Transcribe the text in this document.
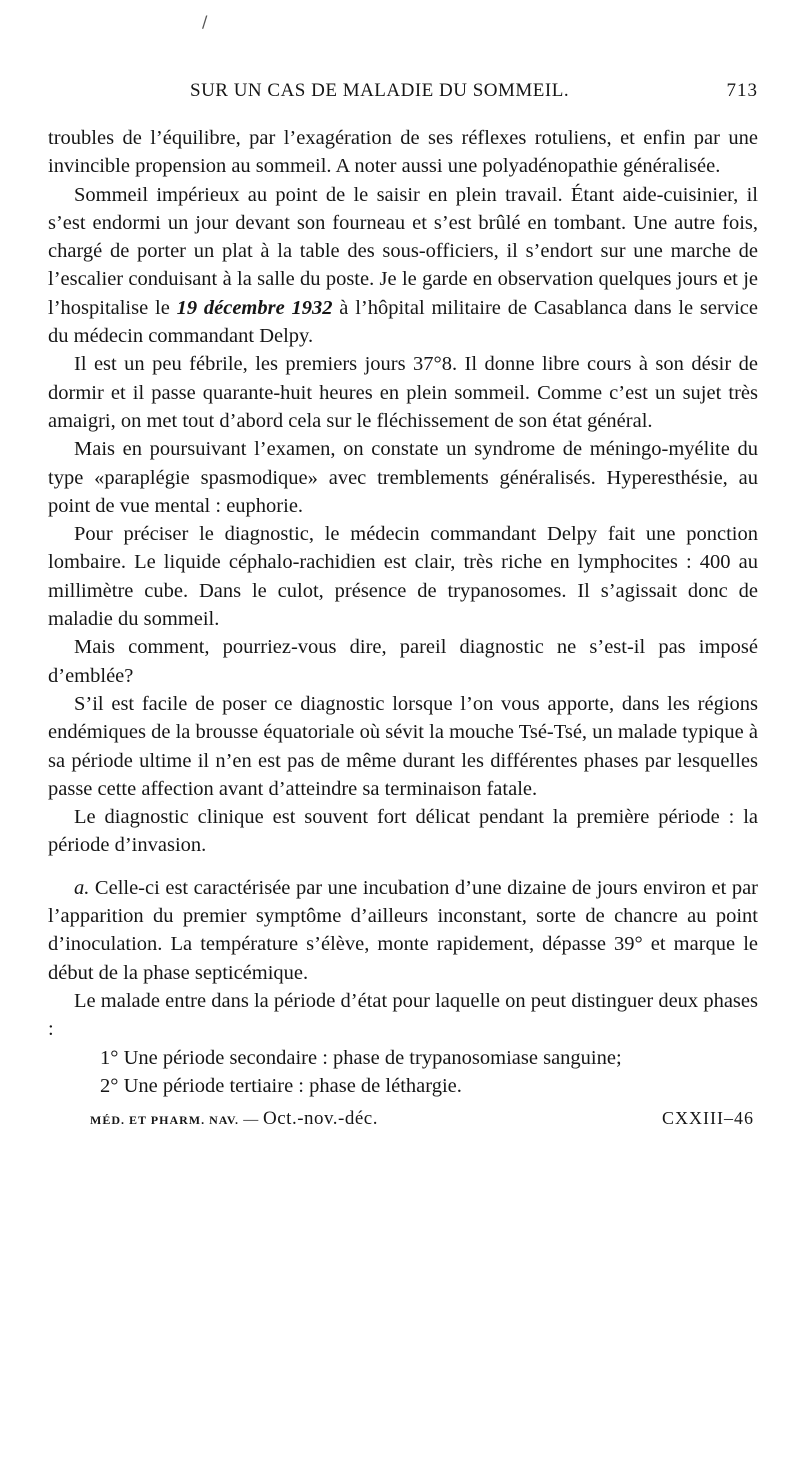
/
SUR UN CAS DE MALADIE DU SOMMEIL.	713

troubles de l’équilibre, par l’exagération de ses réflexes rotuliens, et enfin par une invincible propension au sommeil. A noter aussi une polyadénopathie généralisée.

Sommeil impérieux au point de le saisir en plein travail. Étant aide-cuisinier, il s’est endormi un jour devant son fourneau et s’est brûlé en tombant. Une autre fois, chargé de porter un plat à la table des sous-officiers, il s’endort sur une marche de l’escalier conduisant à la salle du poste. Je le garde en observation quelques jours et je l’hospitalise le 19 décembre 1932 à l’hôpital militaire de Casablanca dans le service du médecin commandant Delpy.

Il est un peu fébrile, les premiers jours 37°8. Il donne libre cours à son désir de dormir et il passe quarante-huit heures en plein sommeil. Comme c’est un sujet très amaigri, on met tout d’abord cela sur le fléchissement de son état général.

Mais en poursuivant l’examen, on constate un syndrome de méningo-myélite du type «paraplégie spasmodique» avec tremblements généralisés. Hyperesthésie, au point de vue mental : euphorie.

Pour préciser le diagnostic, le médecin commandant Delpy fait une ponction lombaire. Le liquide céphalo-rachidien est clair, très riche en lymphocites : 400 au millimètre cube. Dans le culot, présence de trypanosomes. Il s’agissait donc de maladie du sommeil.

Mais comment, pourriez-vous dire, pareil diagnostic ne s’est-il pas imposé d’emblée?

S’il est facile de poser ce diagnostic lorsque l’on vous apporte, dans les régions endémiques de la brousse équatoriale où sévit la mouche Tsé-Tsé, un malade typique à sa période ultime il n’en est pas de même durant les différentes phases par lesquelles passe cette affection avant d’atteindre sa terminaison fatale.

Le diagnostic clinique est souvent fort délicat pendant la première période : la période d’invasion.

a. Celle-ci est caractérisée par une incubation d’une dizaine de jours environ et par l’apparition du premier symptôme d’ailleurs inconstant, sorte de chancre au point d’inoculation. La température s’élève, monte rapidement, dépasse 39° et marque le début de la phase septicémique.

Le malade entre dans la période d’état pour laquelle on peut distinguer deux phases :

1° Une période secondaire : phase de trypanosomiase sanguine;

2° Une période tertiaire : phase de léthargie.

MÉD. ET PHARM. NAV. — Oct.-nov.-déc.	CXXIII–46
